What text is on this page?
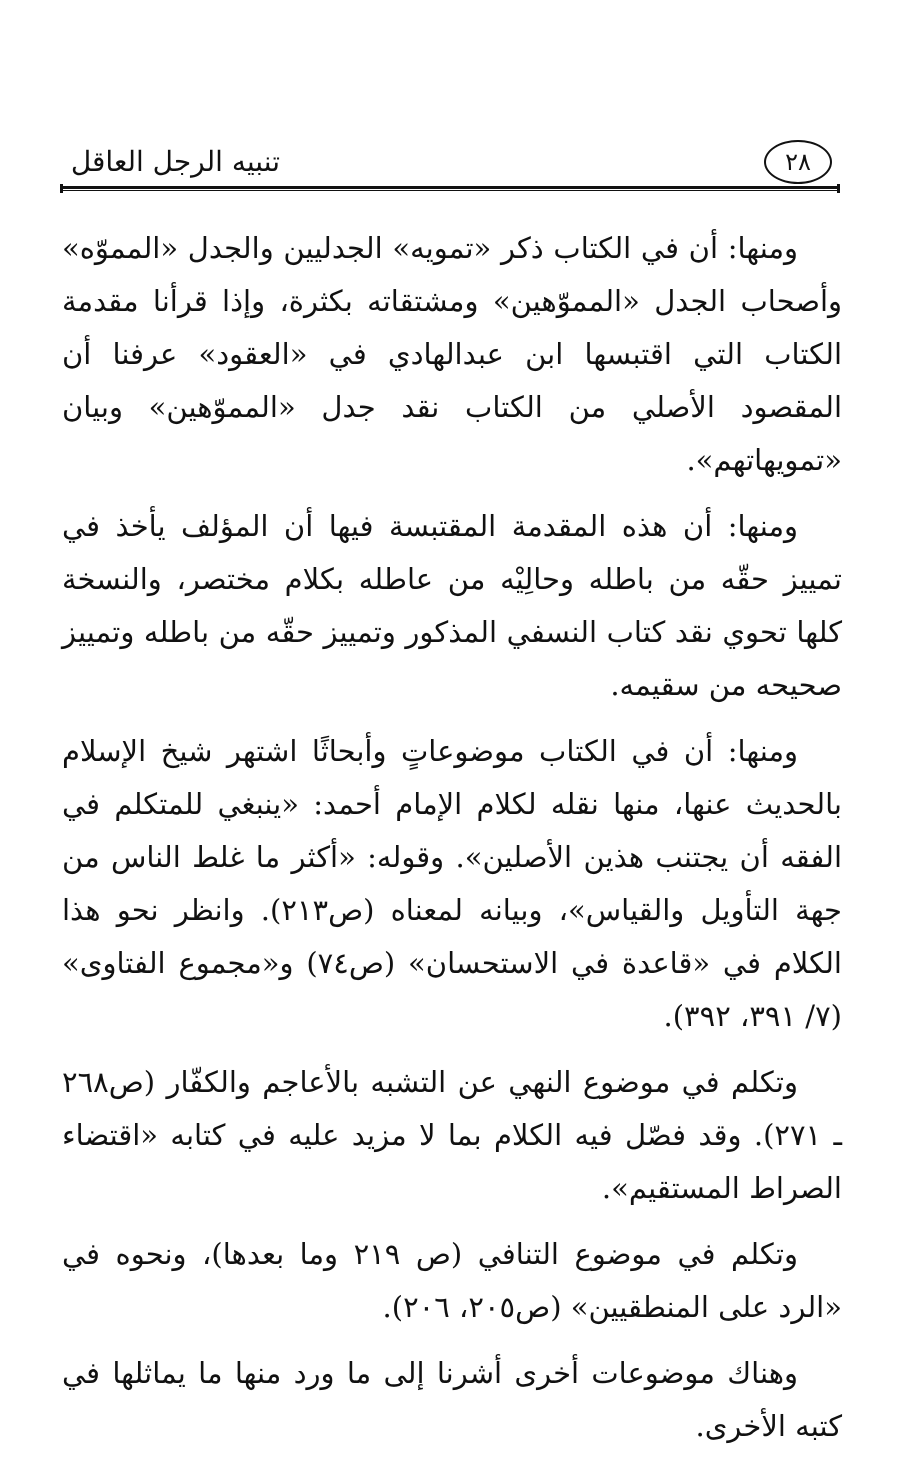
تنبيه الرجل العاقل	٢٨

ومنها: أن في الكتاب ذكر «تمويه» الجدليين والجدل «المموّه» وأصحاب الجدل «المموّهين» ومشتقاته بكثرة، وإذا قرأنا مقدمة الكتاب التي اقتبسها ابن عبدالهادي في «العقود» عرفنا أن المقصود الأصلي من الكتاب نقد جدل «المموّهين» وبيان «تمويهاتهم».

ومنها: أن هذه المقدمة المقتبسة فيها أن المؤلف يأخذ في تمييز حقّه من باطله وحالِيْه من عاطله بكلام مختصر، والنسخة كلها تحوي نقد كتاب النسفي المذكور وتمييز حقّه من باطله وتمييز صحيحه من سقيمه.

ومنها: أن في الكتاب موضوعاتٍ وأبحاثًا اشتهر شيخ الإسلام بالحديث عنها، منها نقله لكلام الإمام أحمد: «ينبغي للمتكلم في الفقه أن يجتنب هذين الأصلين». وقوله: «أكثر ما غلط الناس من جهة التأويل والقياس»، وبيانه لمعناه (ص٢١٣). وانظر نحو هذا الكلام في «قاعدة في الاستحسان» (ص٧٤) و«مجموع الفتاوى» (٧/ ٣٩١، ٣٩٢).

وتكلم في موضوع النهي عن التشبه بالأعاجم والكفّار (ص٢٦٨ ـ ٢٧١). وقد فصّل فيه الكلام بما لا مزيد عليه في كتابه «اقتضاء الصراط المستقيم».

وتكلم في موضوع التنافي (ص ٢١٩ وما بعدها)، ونحوه في «الرد على المنطقيين» (ص٢٠٥، ٢٠٦).

وهناك موضوعات أخرى أشرنا إلى ما ورد منها ما يماثلها في كتبه الأخرى.
